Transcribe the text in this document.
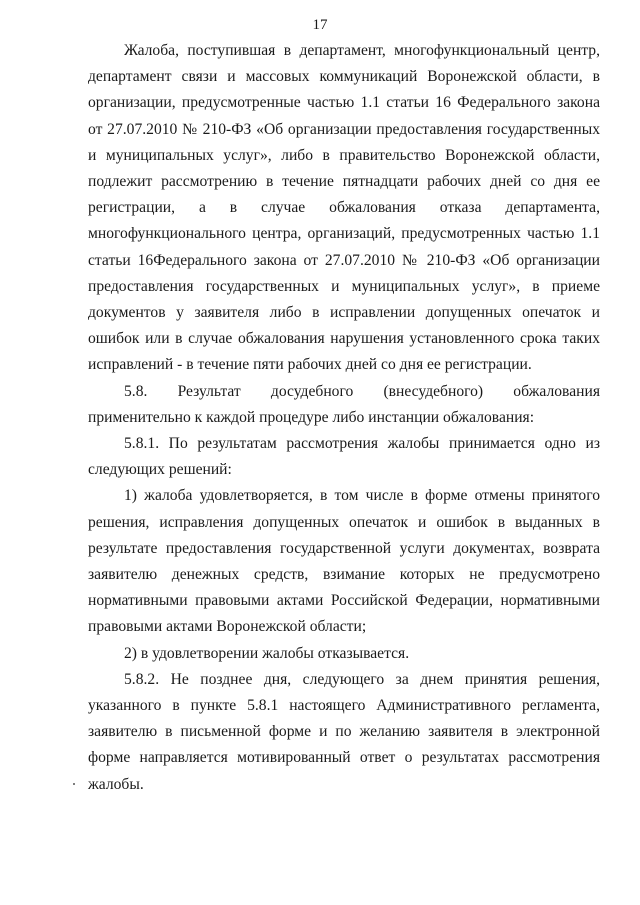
17

Жалоба, поступившая в департамент, многофункциональный центр, департамент связи и массовых коммуникаций Воронежской области, в организации, предусмотренные частью 1.1 статьи 16 Федерального закона от 27.07.2010 № 210-ФЗ «Об организации предоставления государственных и муниципальных услуг», либо в правительство Воронежской области, подлежит рассмотрению в течение пятнадцати рабочих дней со дня ее регистрации, а в случае обжалования отказа департамента, многофункционального центра, организаций, предусмотренных частью 1.1 статьи 16Федерального закона от 27.07.2010 № 210-ФЗ «Об организации предоставления государственных и муниципальных услуг», в приеме документов у заявителя либо в исправлении допущенных опечаток и ошибок или в случае обжалования нарушения установленного срока таких исправлений - в течение пяти рабочих дней со дня ее регистрации.

5.8. Результат досудебного (внесудебного) обжалования применительно к каждой процедуре либо инстанции обжалования:

5.8.1. По результатам рассмотрения жалобы принимается одно из следующих решений:

1) жалоба удовлетворяется, в том числе в форме отмены принятого решения, исправления допущенных опечаток и ошибок в выданных в результате предоставления государственной услуги документах, возврата заявителю денежных средств, взимание которых не предусмотрено нормативными правовыми актами Российской Федерации, нормативными правовыми актами Воронежской области;

2) в удовлетворении жалобы отказывается.

5.8.2. Не позднее дня, следующего за днем принятия решения, указанного в пункте 5.8.1 настоящего Административного регламента, заявителю в письменной форме и по желанию заявителя в электронной форме направляется мотивированный ответ о результатах рассмотрения жалобы.
